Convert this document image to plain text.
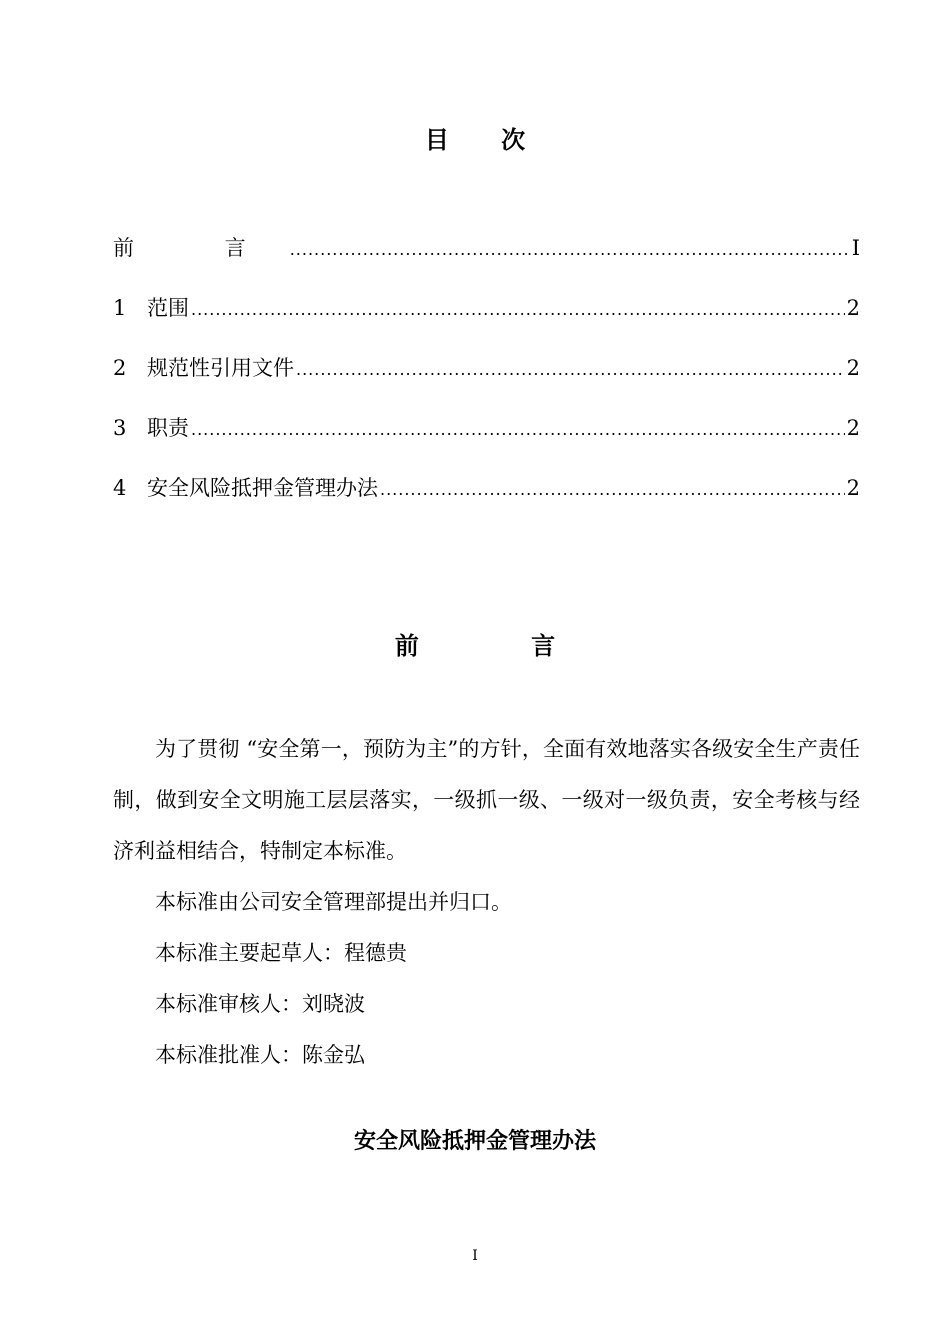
目 次
前 言 .....	I
1 范围 .....	2
2 规范性引用文件 .....	2
3 职责 .....	2
4 安全风险抵押金管理办法 .....	2
前 言

为了贯彻 “安全第一，预防为主”的方针，全面有效地落实各级安全生产责任制，做到安全文明施工层层落实，一级抓一级、一级对一级负责，安全考核与经济利益相结合，特制定本标准。

本标准由公司安全管理部提出并归口。

本标准主要起草人：程德贵

本标准审核人：刘晓波

本标准批准人：陈金弘

安全风险抵押金管理办法
I
